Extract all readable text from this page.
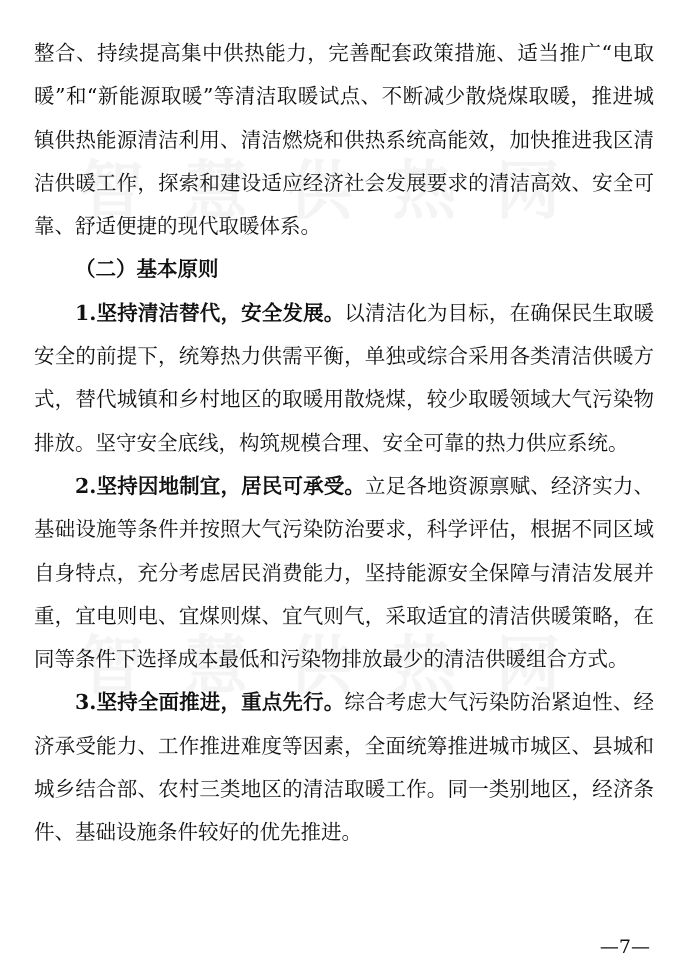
整合、持续提高集中供热能力，完善配套政策措施、适当推广“电取暖”和“新能源取暖”等清洁取暖试点、不断减少散烧煤取暖，推进城镇供热能源清洁利用、清洁燃烧和供热系统高能效，加快推进我区清洁供暖工作，探索和建设适应经济社会发展要求的清洁高效、安全可靠、舒适便捷的现代取暖体系。

（二）基本原则

1.坚持清洁替代，安全发展。以清洁化为目标，在确保民生取暖安全的前提下，统筹热力供需平衡，单独或综合采用各类清洁供暖方式，替代城镇和乡村地区的取暖用散烧煤，较少取暖领域大气污染物排放。坚守安全底线，构筑规模合理、安全可靠的热力供应系统。

2.坚持因地制宜，居民可承受。立足各地资源禀赋、经济实力、基础设施等条件并按照大气污染防治要求，科学评估，根据不同区域自身特点，充分考虑居民消费能力，坚持能源安全保障与清洁发展并重，宜电则电、宜煤则煤、宜气则气，采取适宜的清洁供暖策略，在同等条件下选择成本最低和污染物排放最少的清洁供暖组合方式。

3.坚持全面推进，重点先行。综合考虑大气污染防治紧迫性、经济承受能力、工作推进难度等因素，全面统筹推进城市城区、县城和城乡结合部、农村三类地区的清洁取暖工作。同一类别地区，经济条件、基础设施条件较好的优先推进。

—7—
